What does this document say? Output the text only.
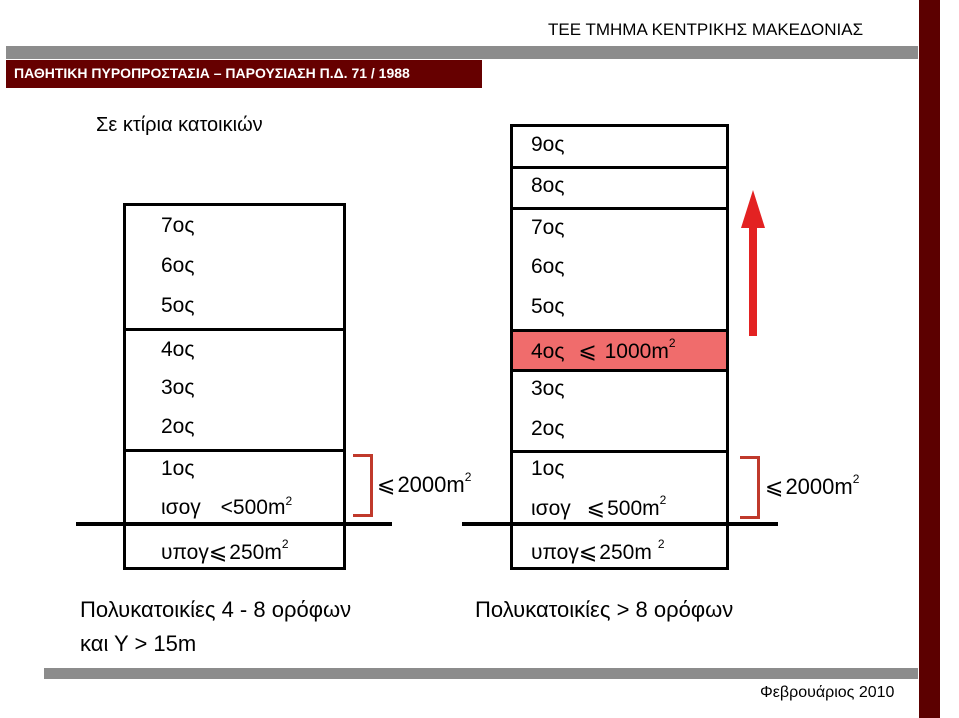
ΤΕΕ ΤΜΗΜΑ ΚΕΝΤΡΙΚΗΣ ΜΑΚΕΔΟΝΙΑΣ
ΠΑΘΗΤΙΚΗ ΠΥΡΟΠΡΟΣΤΑΣΙΑ – ΠΑΡΟΥΣΙΑΣΗ Π.Δ. 71 / 1988
Σε κτίρια κατοικιών
7ος
6ος
5ος
4ος
3ος
2ος
1ος
$\iota\sigma o\gamma <500m^2$
$\upsilon\pi o\gamma⩽250m^2$
$⩽2000m^2$
Πολυκατοικίες 4 - 8 ορόφων
και Υ > 15m
9ος
8ος
7ος
6ος
5ος
4ος ⩽ $1000m^2$
3ος
2ος
1ος
ισογ $⩽500m^2$
υπογ⩽250m $^2$
$⩽2000m^2$
Πολυκατοικίες > 8 ορόφων
Φεβρουάριος 2010
